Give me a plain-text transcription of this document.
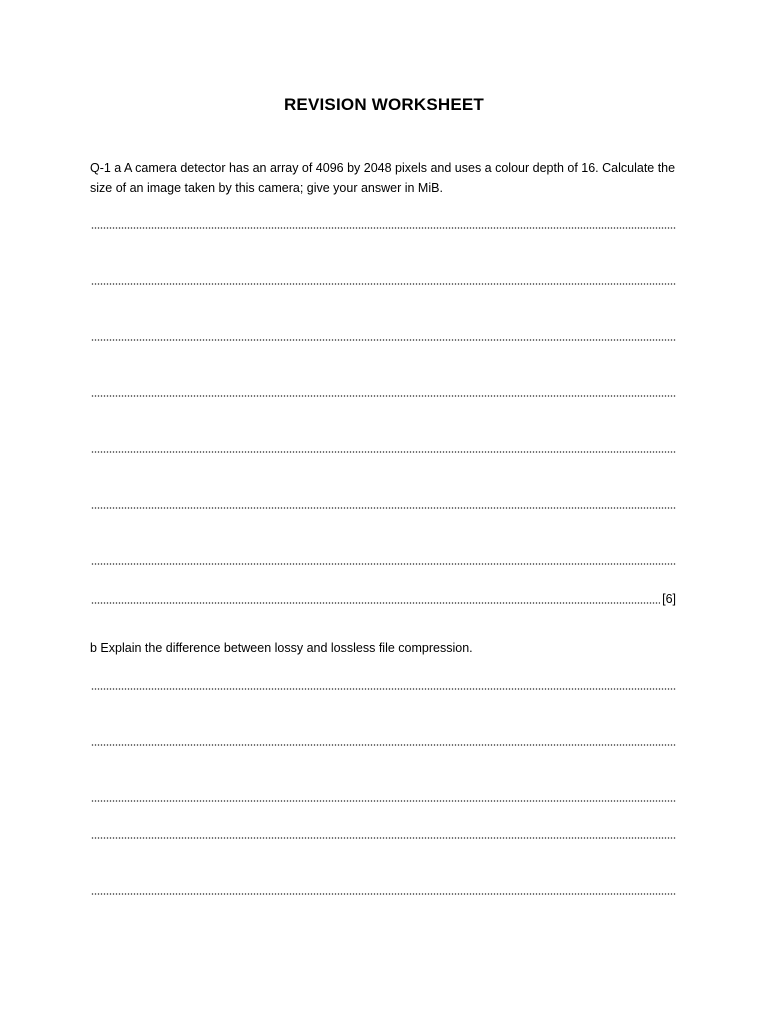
REVISION WORKSHEET
Q-1 a A camera detector has an array of 4096 by 2048 pixels and uses a colour depth of 16. Calculate the size of an image taken by this camera; give your answer in MiB.
[6]
b Explain the difference between lossy and lossless file compression.
